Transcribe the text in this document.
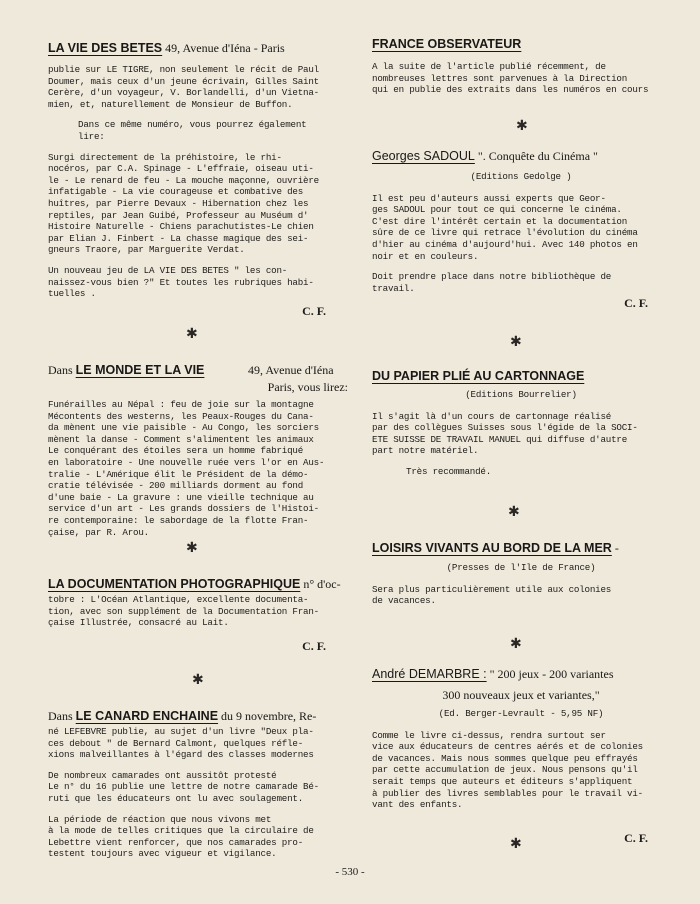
LA VIE DES BETES 49, Avenue d'Iéna - Paris

publie sur LE TIGRE, non seulement le récit de Paul
Doumer, mais ceux d'un jeune écrivain, Gilles Saint
Cerère, d'un voyageur, V. Borlandelli, d'un Vietna-
mien, et, naturellement de Monsieur de Buffon.

Dans ce même numéro, vous pourrez également
lire:

Surgi directement de la préhistoire, le rhi-
nocéros, par C.A. Spinage - L'effraie, oiseau uti-
le - Le renard de feu - La mouche maçonne, ouvrière
infatigable - La vie courageuse et combative des
huîtres, par Pierre Devaux - Hibernation chez les
reptiles, par Jean Guibé, Professeur au Muséum d'
Histoire Naturelle - Chiens parachutistes-Le chien
par Elian J. Finbert - La chasse magique des sei-
gneurs Traore, par Marguerite Verdat.

Un nouveau jeu de LA VIE DES BETES " les con-
naissez-vous bien ?" Et toutes les rubriques habi-
tuelles .

C. F.
Dans LE MONDE ET LA VIE	49, Avenue d'Iéna
Paris, vous lirez:

Funérailles au Népal : feu de joie sur la montagne
Mécontents des westerns, les Peaux-Rouges du Cana-
da mènent une vie paisible - Au Congo, les sorciers
mènent la danse - Comment s'alimentent les animaux
Le conquérant des étoiles sera un homme fabriqué
en laboratoire - Une nouvelle ruée vers l'or en Aus-
tralie - L'Amérique élit le Président de la démo-
cratie télévisée - 200 milliards dorment au fond
d'une baie - La gravure : une vieille technique au
service d'un art - Les grands dossiers de l'Histoi-
re contemporaine: le sabordage de la flotte Fran-
çaise, par R. Arou.

LA DOCUMENTATION PHOTOGRAPHIQUE n° d'oc-

tobre : L'Océan Atlantique, excellente documenta-
tion, avec son supplément de la Documentation Fran-
çaise Illustrée, consacré au Lait.

C. F.
Dans LE CANARD ENCHAINE du 9 novembre, Re-

né LEFEBVRE publie, au sujet d'un livre "Deux pla-
ces debout " de Bernard Calmont, quelques réfle-
xions malveillantes à l'égard des classes modernes

De nombreux camarades ont aussitôt protesté
Le n° du 16 publie une lettre de notre camarade Bé-
ruti que les éducateurs ont lu avec soulagement.

La période de réaction que nous vivons met
à la mode de telles critiques que la circulaire de
Lebettre vient renforcer, que nos camarades pro-
testent toujours avec vigueur et vigilance.

FRANCE OBSERVATEUR

A la suite de l'article publié récemment, de
nombreuses lettres sont parvenues à la Direction
qui en publie des extraits dans les numéros en cours

Georges SADOUL ". Conquête du Cinéma "
(Editions Gedolge )

Il est peu d'auteurs aussi experts que Geor-
ges SADOUL pour tout ce qui concerne le cinéma.
C'est dire l'intérêt certain et la documentation
sûre de ce livre qui retrace l'évolution du cinéma
d'hier au cinéma d'aujourd'hui. Avec 140 photos en
noir et en couleurs.

Doit prendre place dans notre bibliothèque de
travail.

C. F.
DU PAPIER PLIÉ AU CARTONNAGE
(Editions Bourrelier)

Il s'agit là d'un cours de cartonnage réalisé
par des collègues Suisses sous l'égide de la SOCI-
ETE SUISSE DE TRAVAIL MANUEL qui diffuse d'autre
part notre matériel.

Très recommandé.

LOISIRS VIVANTS AU BORD DE LA MER -
(Presses de l'Ile de France)

Sera plus particulièrement utile aux colonies
de vacances.

André DEMARBRE : " 200 jeux - 200 variantes
300 nouveaux jeux et variantes,"
(Ed. Berger-Levrault - 5,95 NF)

Comme le livre ci-dessus, rendra surtout ser
vice aux éducateurs de centres aérés et de colonies
de vacances. Mais nous sommes quelque peu effrayés
par cette accumulation de jeux. Nous pensons qu'il
serait temps que auteurs et éditeurs s'appliquent
à publier des livres semblables pour le travail vi-
vant des enfants.

C. F.
✱
✱
✱
✱
✱
✱
✱
✱
- 530 -
